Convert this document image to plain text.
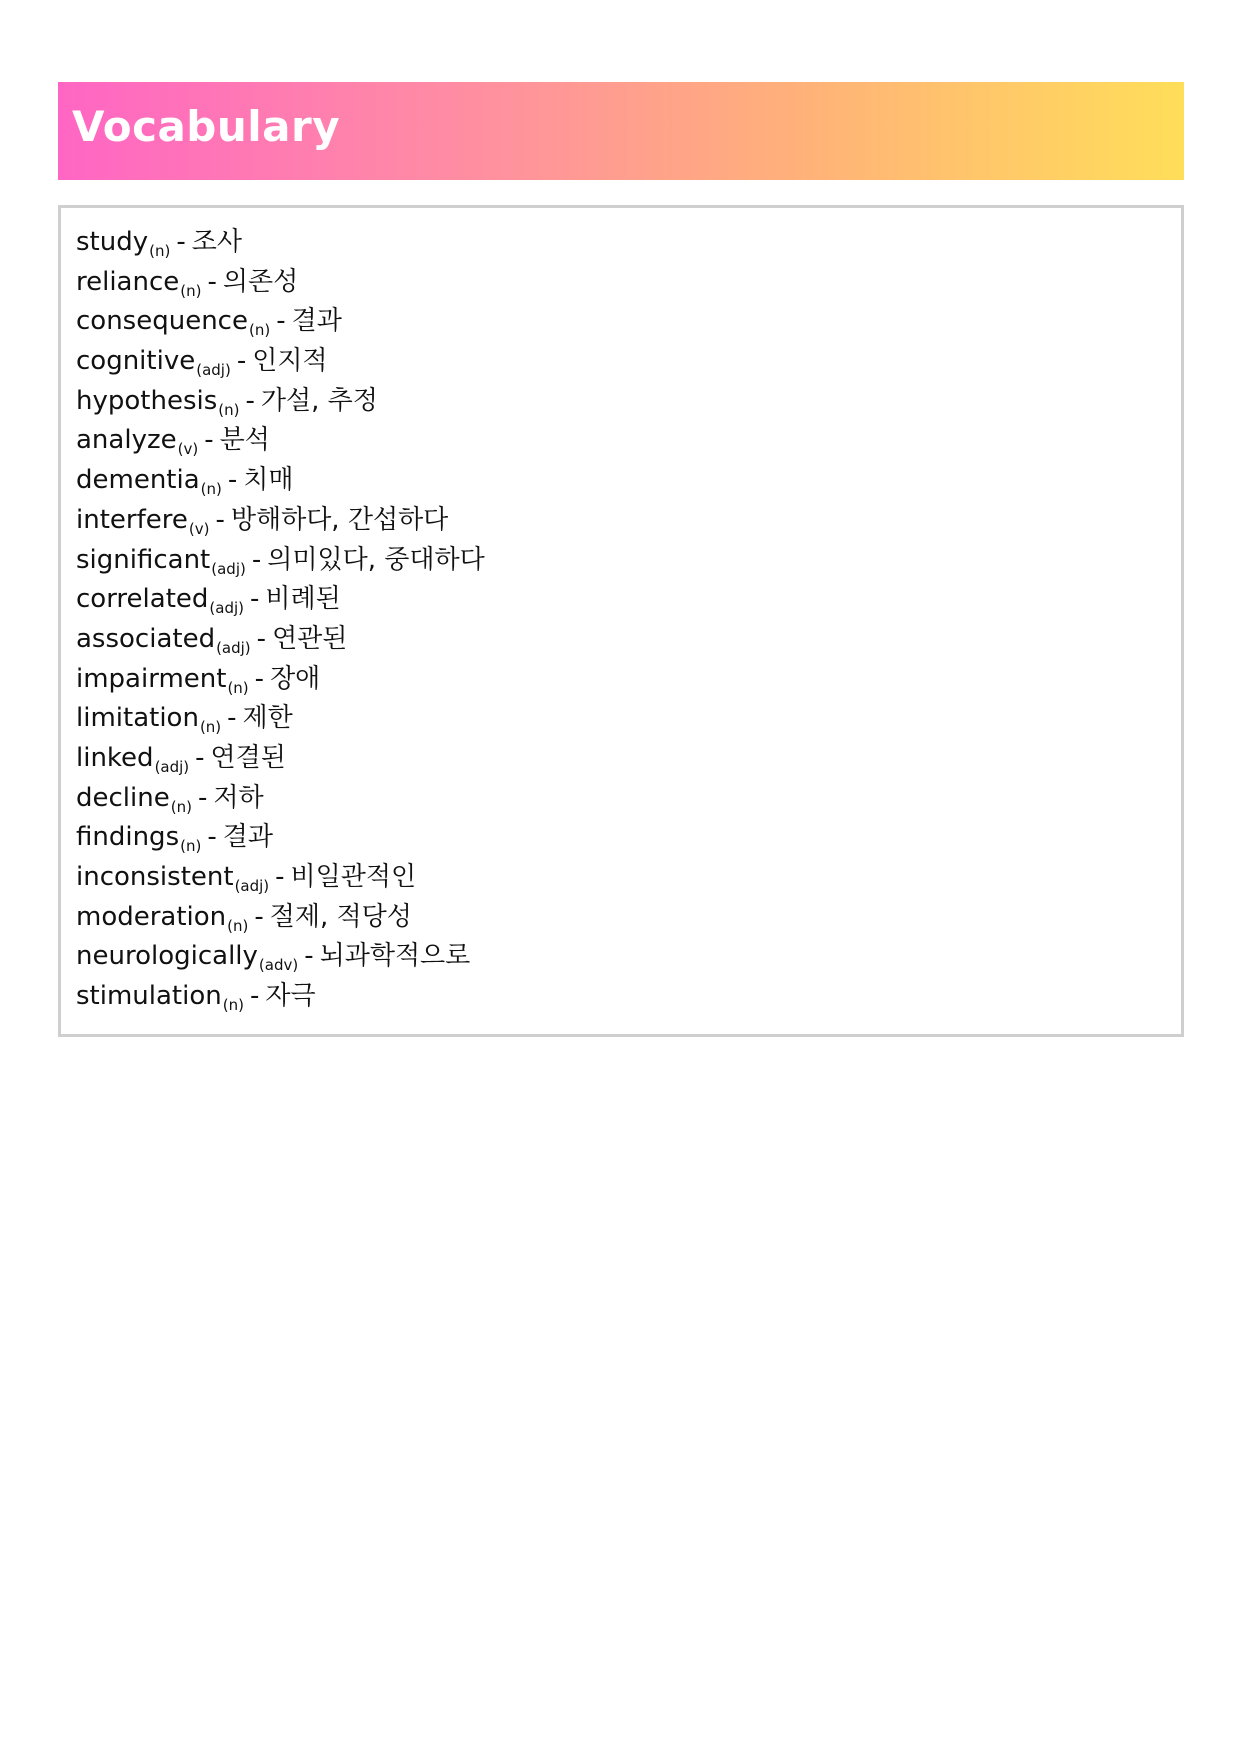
Vocabulary
study$_{(n)}$ - 조사
reliance$_{(n)}$ - 의존성
consequence$_{(n)}$ - 결과
cognitive$_{(adj)}$ - 인지적
hypothesis$_{(n)}$ - 가설, 추정
analyze$_{(v)}$ - 분석
dementia$_{(n)}$ - 치매
interfere$_{(v)}$ - 방해하다, 간섭하다
significant$_{(adj)}$ - 의미있다, 중대하다
correlated$_{(adj)}$ - 비례된
associated$_{(adj)}$ - 연관된
impairment$_{(n)}$ - 장애
limitation$_{(n)}$ - 제한
linked$_{(adj)}$ - 연결된
decline$_{(n)}$ - 저하
findings$_{(n)}$ - 결과
inconsistent$_{(adj)}$ - 비일관적인
moderation$_{(n)}$ - 절제, 적당성
neurologically$_{(adv)}$ - 뇌과학적으로
stimulation$_{(n)}$ - 자극
